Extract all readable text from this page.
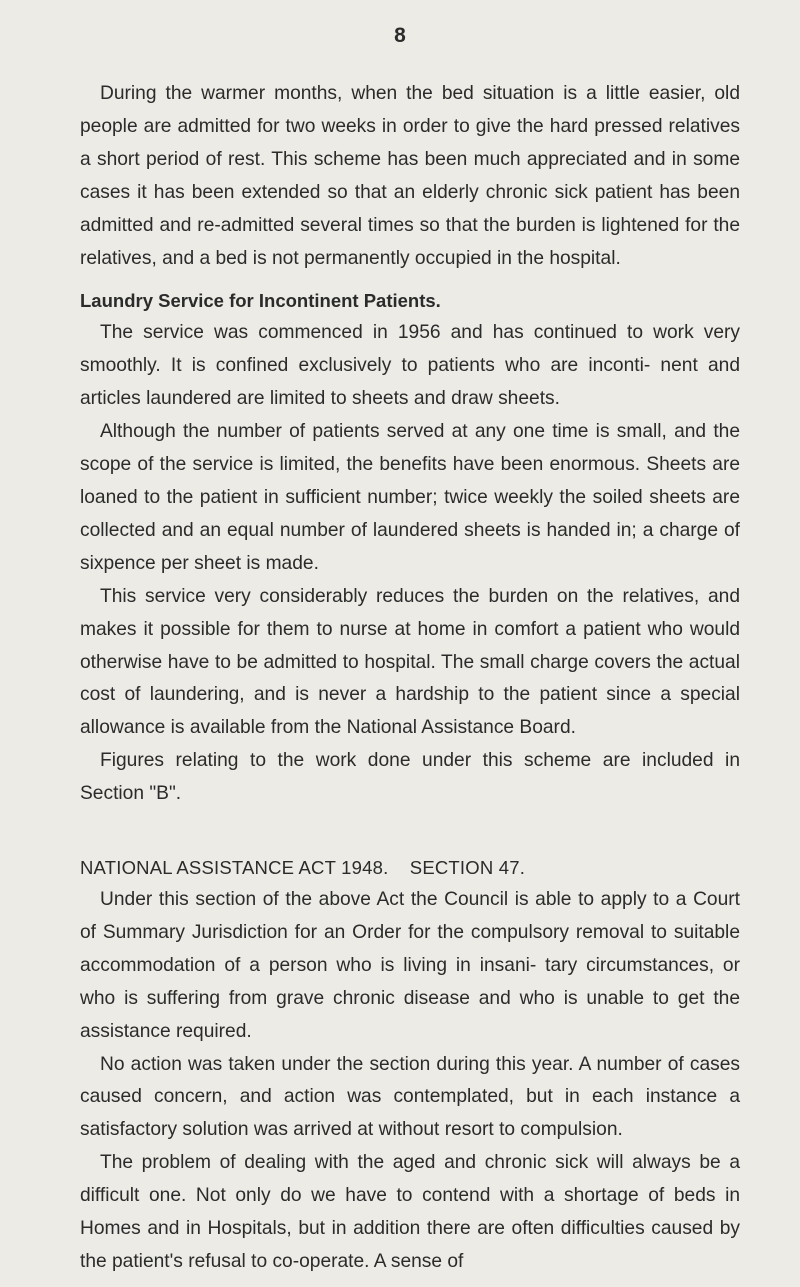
8

During the warmer months, when the bed situation is a little easier, old people are admitted for two weeks in order to give the hard pressed relatives a short period of rest. This scheme has been much appreciated and in some cases it has been extended so that an elderly chronic sick patient has been admitted and re-admitted several times so that the burden is lightened for the relatives, and a bed is not permanently occupied in the hospital.

Laundry Service for Incontinent Patients.

The service was commenced in 1956 and has continued to work very smoothly. It is confined exclusively to patients who are inconti- nent and articles laundered are limited to sheets and draw sheets.

Although the number of patients served at any one time is small, and the scope of the service is limited, the benefits have been enormous. Sheets are loaned to the patient in sufficient number; twice weekly the soiled sheets are collected and an equal number of laundered sheets is handed in; a charge of sixpence per sheet is made.

This service very considerably reduces the burden on the relatives, and makes it possible for them to nurse at home in comfort a patient who would otherwise have to be admitted to hospital. The small charge covers the actual cost of laundering, and is never a hardship to the patient since a special allowance is available from the National Assistance Board.

Figures relating to the work done under this scheme are included in Section "B".

NATIONAL ASSISTANCE ACT 1948.    SECTION 47.

Under this section of the above Act the Council is able to apply to a Court of Summary Jurisdiction for an Order for the compulsory removal to suitable accommodation of a person who is living in insani- tary circumstances, or who is suffering from grave chronic disease and who is unable to get the assistance required.

No action was taken under the section during this year. A number of cases caused concern, and action was contemplated, but in each instance a satisfactory solution was arrived at without resort to compulsion.

The problem of dealing with the aged and chronic sick will always be a difficult one. Not only do we have to contend with a shortage of beds in Homes and in Hospitals, but in addition there are often difficulties caused by the patient's refusal to co-operate. A sense of
